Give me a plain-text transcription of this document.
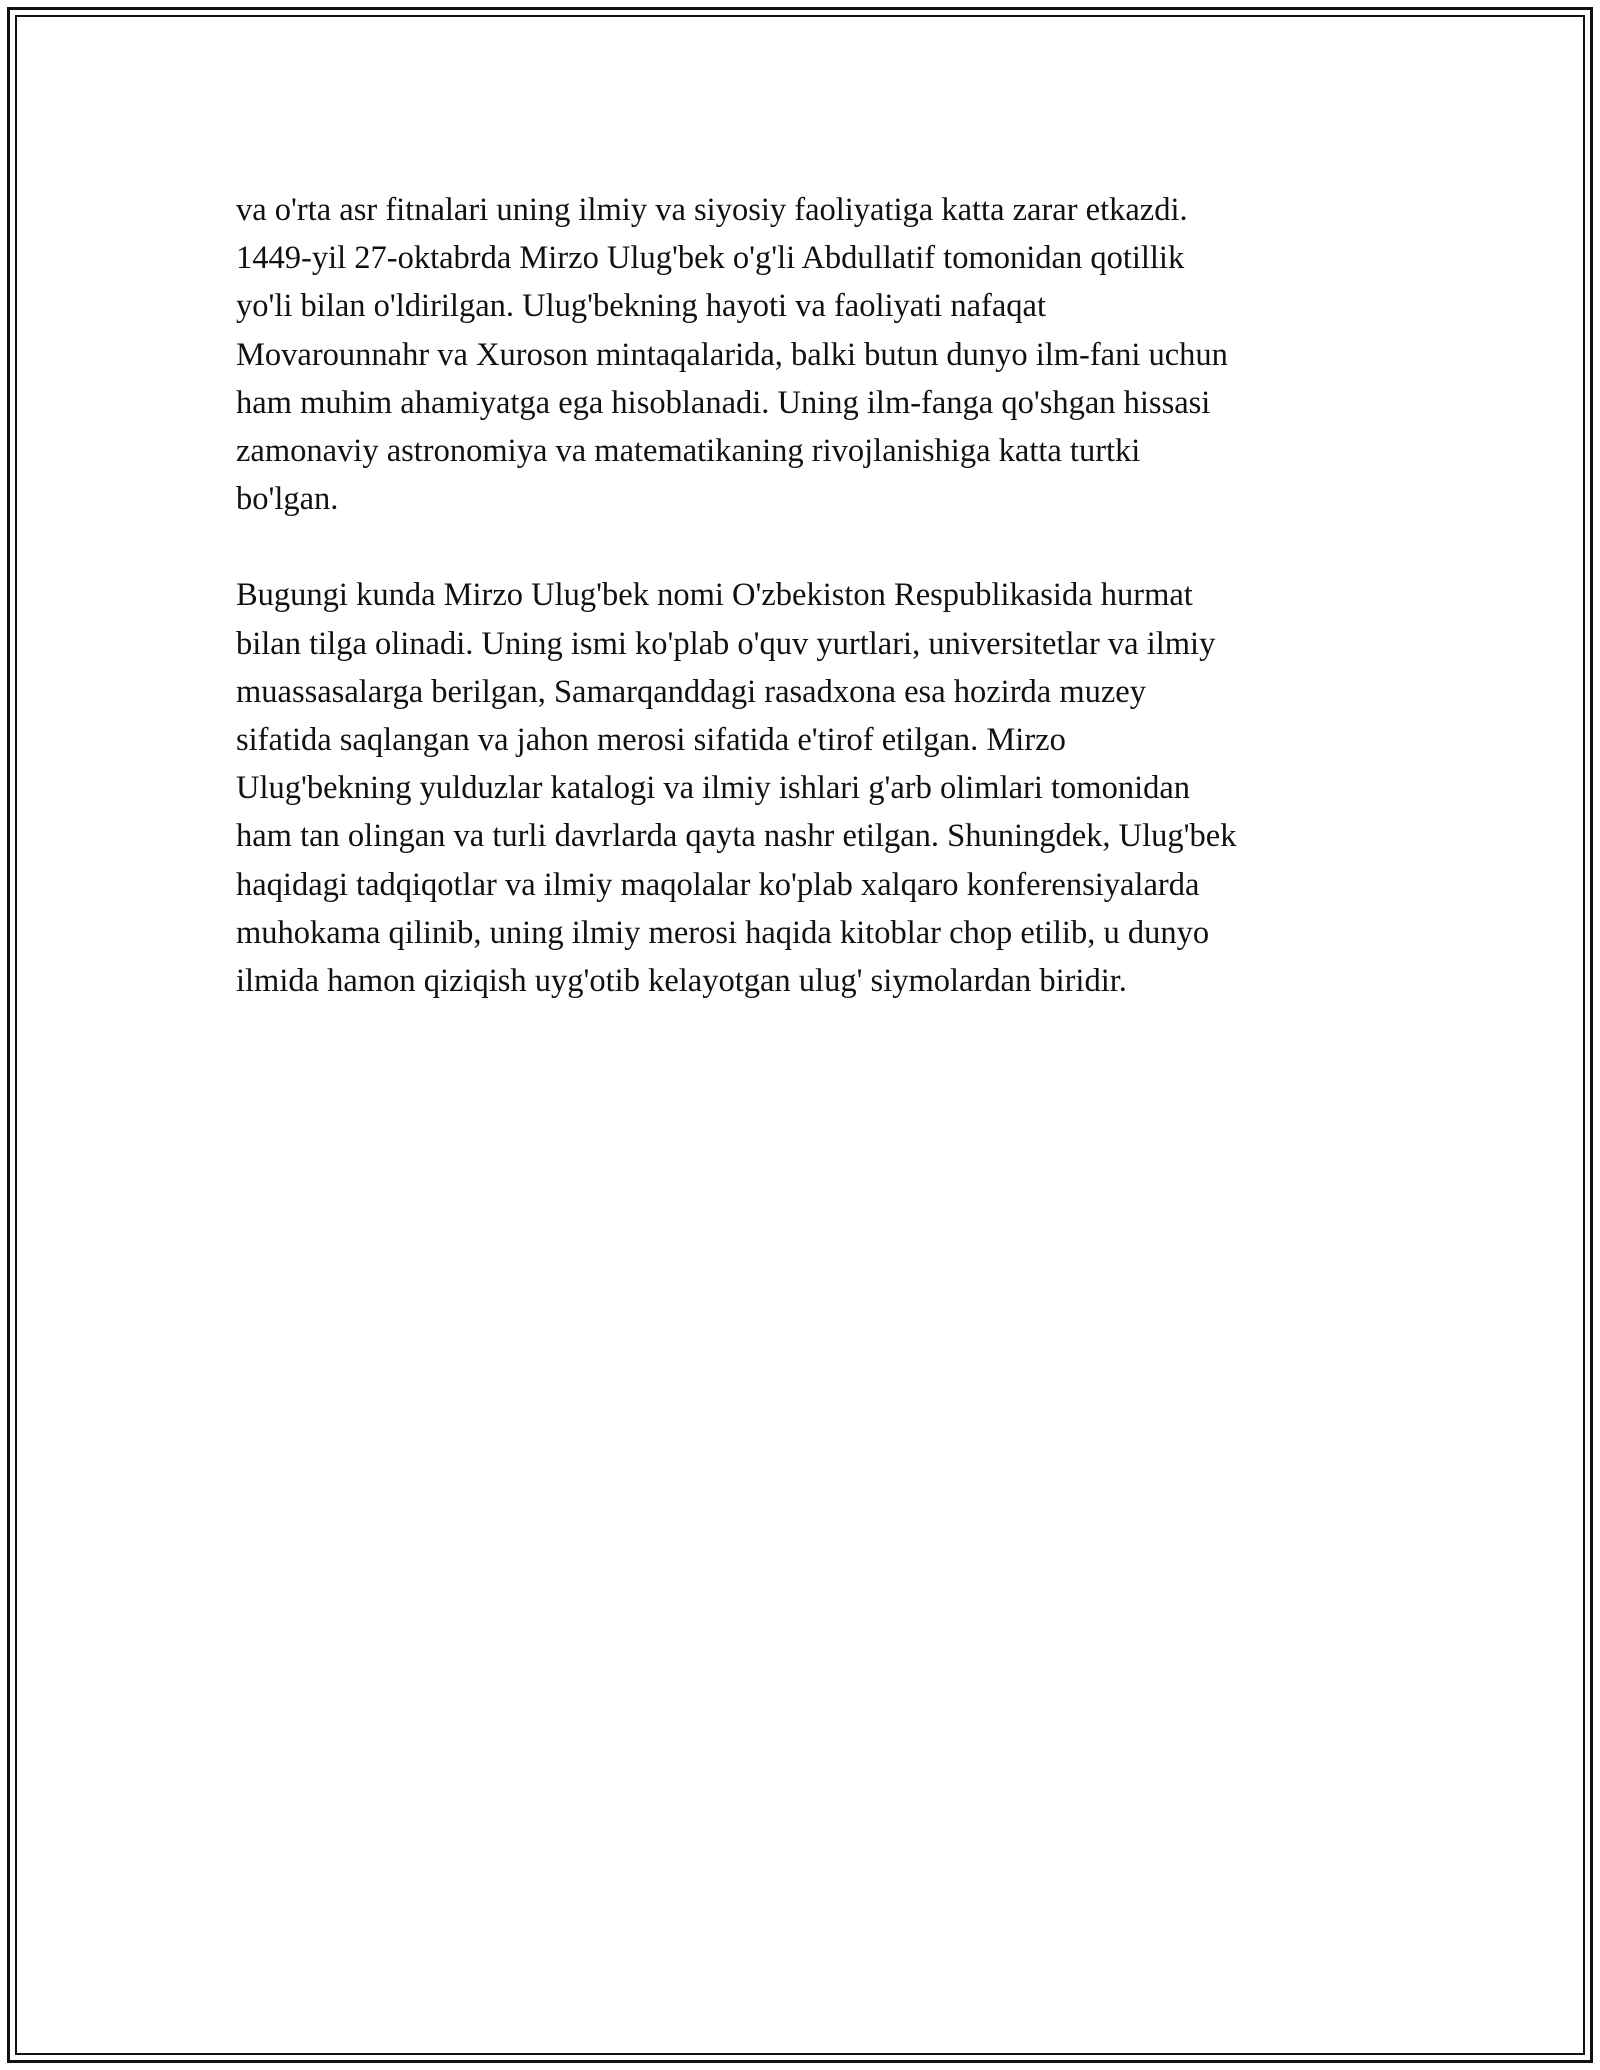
va o'rta asr fitnalari uning ilmiy va siyosiy faoliyatiga katta zarar etkazdi.
1449-yil 27-oktabrda Mirzo Ulug'bek o'g'li Abdullatif tomonidan qotillik
yo'li bilan o'ldirilgan. Ulug'bekning hayoti va faoliyati nafaqat
Movarounnahr va Xuroson mintaqalarida, balki butun dunyo ilm-fani uchun
ham muhim ahamiyatga ega hisoblanadi. Uning ilm-fanga qo'shgan hissasi
zamonaviy astronomiya va matematikaning rivojlanishiga katta turtki
bo'lgan.

Bugungi kunda Mirzo Ulug'bek nomi O'zbekiston Respublikasida hurmat
bilan tilga olinadi. Uning ismi ko'plab o'quv yurtlari, universitetlar va ilmiy
muassasalarga berilgan, Samarqanddagi rasadxona esa hozirda muzey
sifatida saqlangan va jahon merosi sifatida e'tirof etilgan. Mirzo
Ulug'bekning yulduzlar katalogi va ilmiy ishlari g'arb olimlari tomonidan
ham tan olingan va turli davrlarda qayta nashr etilgan. Shuningdek, Ulug'bek
haqidagi tadqiqotlar va ilmiy maqolalar ko'plab xalqaro konferensiyalarda
muhokama qilinib, uning ilmiy merosi haqida kitoblar chop etilib, u dunyo
ilmida hamon qiziqish uyg'otib kelayotgan ulug' siymolardan biridir.
